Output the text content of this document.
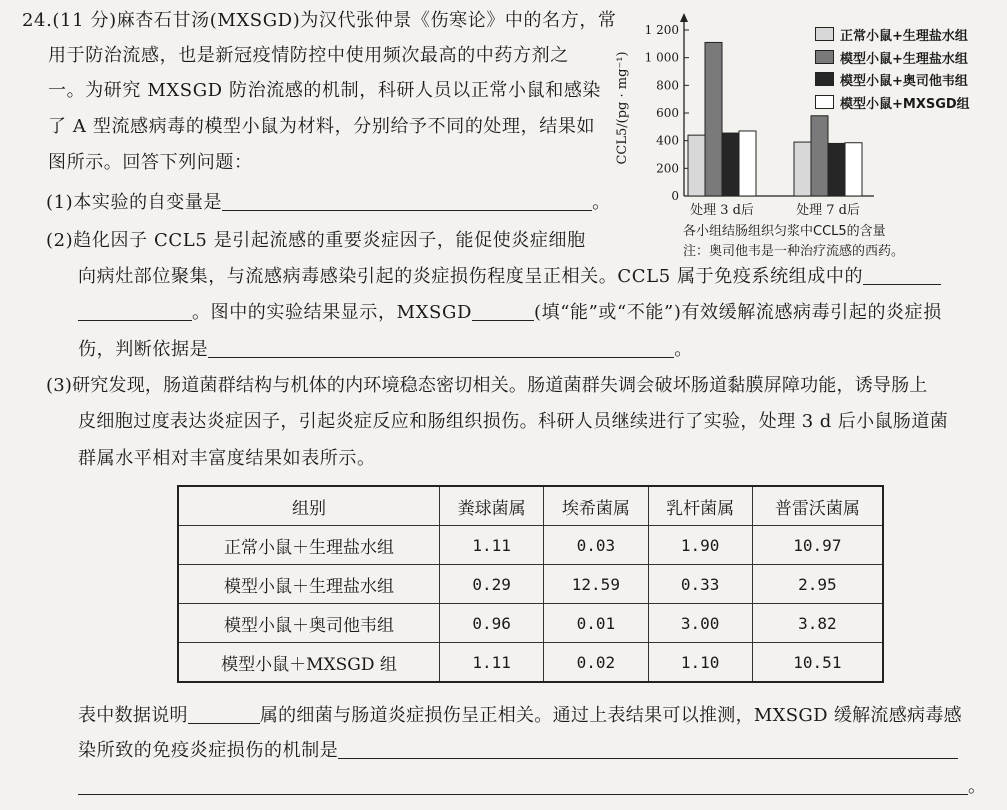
24.(11 分)麻杏石甘汤(MXSGD)为汉代张仲景《伤寒论》中的名方，常
用于防治流感，也是新冠疫情防控中使用频次最高的中药方剂之
一。为研究 MXSGD 防治流感的机制，科研人员以正常小鼠和感染
了 A 型流感病毒的模型小鼠为材料，分别给予不同的处理，结果如
图所示。回答下列问题：
(1)本实验的自变量是	。
(2)趋化因子 CCL5 是引起流感的重要炎症因子，能促使炎症细胞
向病灶部位聚集，与流感病毒感染引起的炎症损伤程度呈正相关。CCL5 属于免疫系统组成中的
。图中的实验结果显示，MXSGD	(填“能”或“不能”)有效缓解流感病毒引起的炎症损
伤，判断依据是	。
(3)研究发现，肠道菌群结构与机体的内环境稳态密切相关。肠道菌群失调会破坏肠道黏膜屏障功能，诱导肠上
皮细胞过度表达炎症因子，引起炎症反应和肠组织损伤。科研人员继续进行了实验，处理 3 d 后小鼠肠道菌
群属水平相对丰富度结果如表所示。
组别	粪球菌属	埃希菌属	乳杆菌属	普雷沃菌属
正常小鼠＋生理盐水组	1.11	0.03	1.90	10.97
模型小鼠＋生理盐水组	0.29	12.59	0.33	2.95
模型小鼠＋奥司他韦组	0.96	0.01	3.00	3.82
模型小鼠＋MXSGD 组	1.11	0.02	1.10	10.51
表中数据说明	属的细菌与肠道炎症损伤呈正相关。通过上表结果可以推测，MXSGD 缓解流感病毒感
染所致的免疫炎症损伤的机制是
。
0
200
400
600
800
1 000
1 200
处理 3 d后	处理 7 d后
CCL5/(pg · mg⁻¹)
正常小鼠+生理盐水组
模型小鼠+生理盐水组
模型小鼠+奥司他韦组
模型小鼠+MXSGD组
各小组结肠组织匀浆中CCL5的含量
注：奥司他韦是一种治疗流感的西药。
